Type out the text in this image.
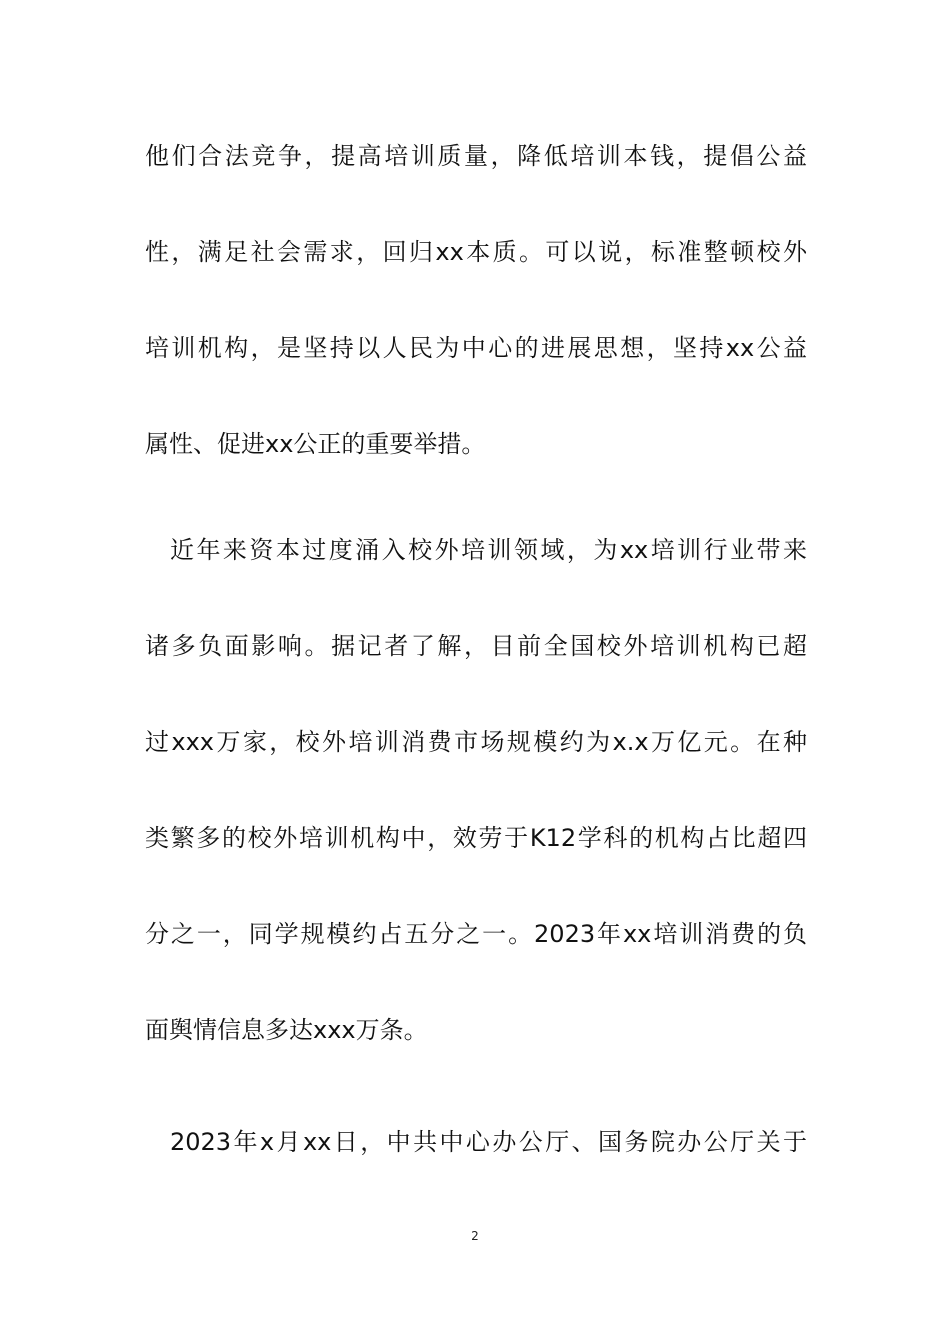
他们合法竞争，提高培训质量，降低培训本钱，提倡公益
性，满足社会需求，回归xx本质。可以说，标准整顿校外
培训机构，是坚持以人民为中心的进展思想，坚持xx公益
属性、促进xx公正的重要举措。
近年来资本过度涌入校外培训领域，为xx培训行业带来
诸多负面影响。据记者了解，目前全国校外培训机构已超
过xxx万家，校外培训消费市场规模约为x.x万亿元。在种
类繁多的校外培训机构中，效劳于K12学科的机构占比超四
分之一，同学规模约占五分之一。2023年xx培训消费的负
面舆情信息多达xxx万条。
2023年x月xx日，中共中心办公厅、国务院办公厅关于
2
